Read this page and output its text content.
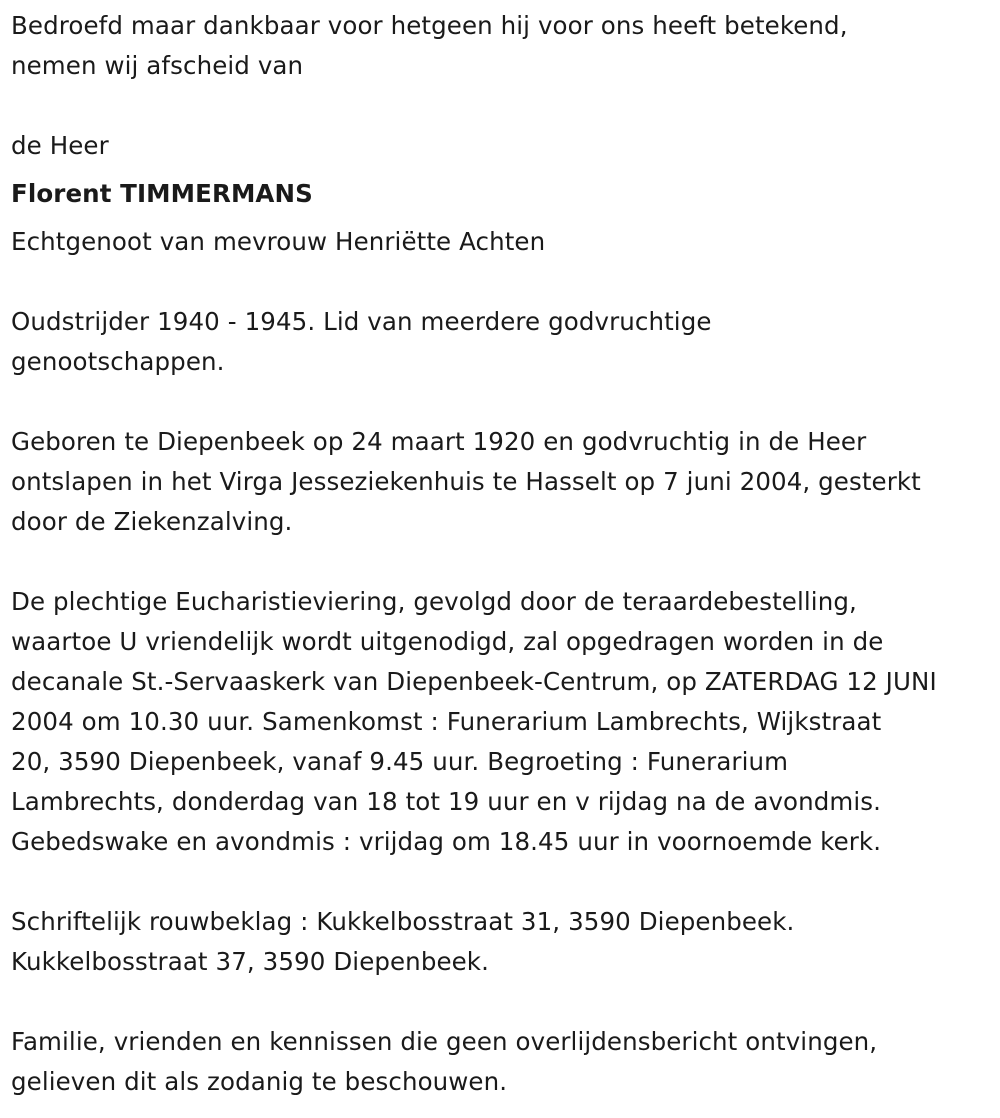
Bedroefd maar dankbaar voor hetgeen hij voor ons heeft betekend,

nemen wij afscheid van

de Heer

Florent TIMMERMANS

Echtgenoot van mevrouw Henriëtte Achten

Oudstrijder 1940 - 1945. Lid van meerdere godvruchtige

genootschappen.

Geboren te Diepenbeek op 24 maart 1920 en godvruchtig in de Heer

ontslapen in het Virga Jesseziekenhuis te Hasselt op 7 juni 2004, gesterkt

door de Ziekenzalving.

De plechtige Eucharistieviering, gevolgd door de teraardebestelling,

waartoe U vriendelijk wordt uitgenodigd, zal opgedragen worden in de

decanale St.-Servaaskerk van Diepenbeek-Centrum, op ZATERDAG 12 JUNI

2004 om 10.30 uur. Samenkomst : Funerarium Lambrechts, Wijkstraat

20, 3590 Diepenbeek, vanaf 9.45 uur. Begroeting : Funerarium

Lambrechts, donderdag van 18 tot 19 uur en v rijdag na de avondmis.

Gebedswake en avondmis : vrijdag om 18.45 uur in voornoemde kerk.

Schriftelijk rouwbeklag : Kukkelbosstraat 31, 3590 Diepenbeek.

Kukkelbosstraat 37, 3590 Diepenbeek.

Familie, vrienden en kennissen die geen overlijdensbericht ontvingen,

gelieven dit als zodanig te beschouwen.
